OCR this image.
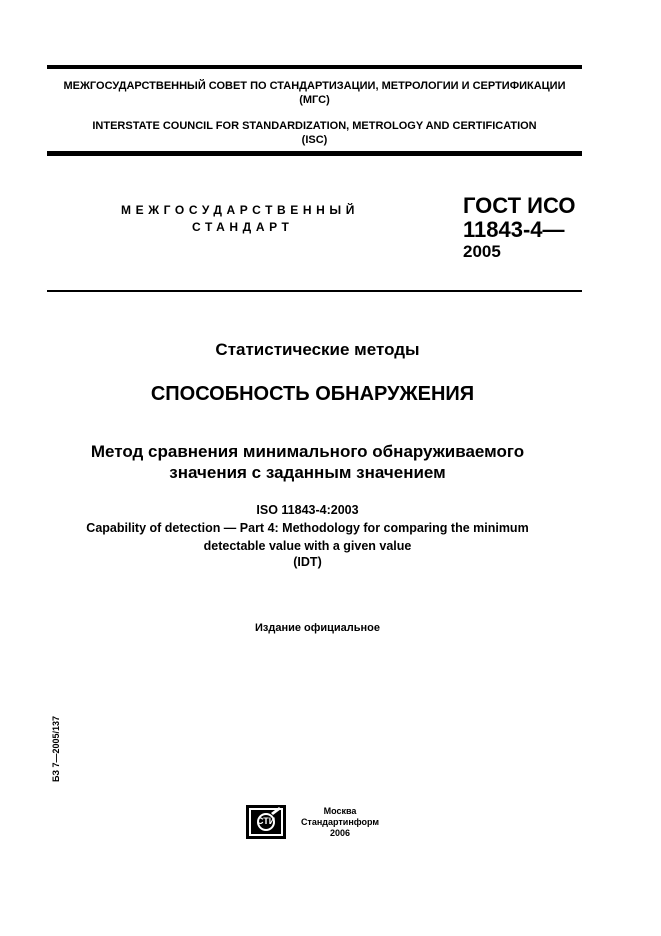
МЕЖГОСУДАРСТВЕННЫЙ СОВЕТ ПО СТАНДАРТИЗАЦИИ, МЕТРОЛОГИИ И СЕРТИФИКАЦИИ
(МГС)
INTERSTATE COUNCIL FOR STANDARDIZATION, METROLOGY AND CERTIFICATION
(ISC)
МЕЖГОСУДАРСТВЕННЫЙ
СТАНДАРТ
ГОСТ ИСО
11843-4—
2005
Статистические методы
СПОСОБНОСТЬ ОБНАРУЖЕНИЯ
Метод сравнения минимального обнаруживаемого
значения с заданным значением
ISO 11843-4:2003
Capability of detection — Part 4: Methodology for comparing the minimum
detectable value with a given value
(IDT)
Издание официальное
БЗ 7—2005/137
СТИ
Москва
Стандартинформ
2006
